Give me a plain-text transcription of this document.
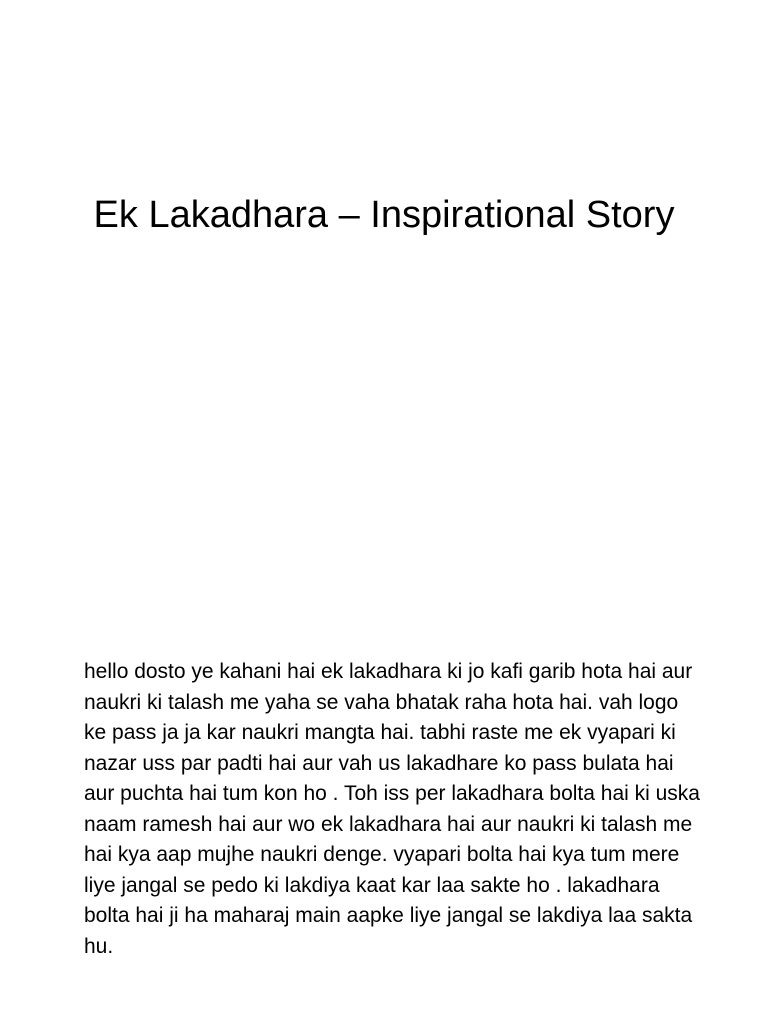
Ek Lakadhara – Inspirational Story

hello dosto ye kahani hai ek lakadhara ki jo kafi garib hota hai aur naukri ki talash me yaha se vaha bhatak raha hota hai. vah logo ke pass ja ja kar naukri mangta hai. tabhi raste me ek vyapari ki nazar uss par padti hai aur vah us lakadhare ko pass bulata hai aur puchta hai tum kon ho . Toh iss per lakadhara bolta hai ki uska naam ramesh hai aur wo ek lakadhara hai aur naukri ki talash me hai kya aap mujhe naukri denge. vyapari bolta hai kya tum mere liye jangal se pedo ki lakdiya kaat kar laa sakte ho . lakadhara bolta hai ji ha maharaj main aapke liye jangal se lakdiya laa sakta hu.
